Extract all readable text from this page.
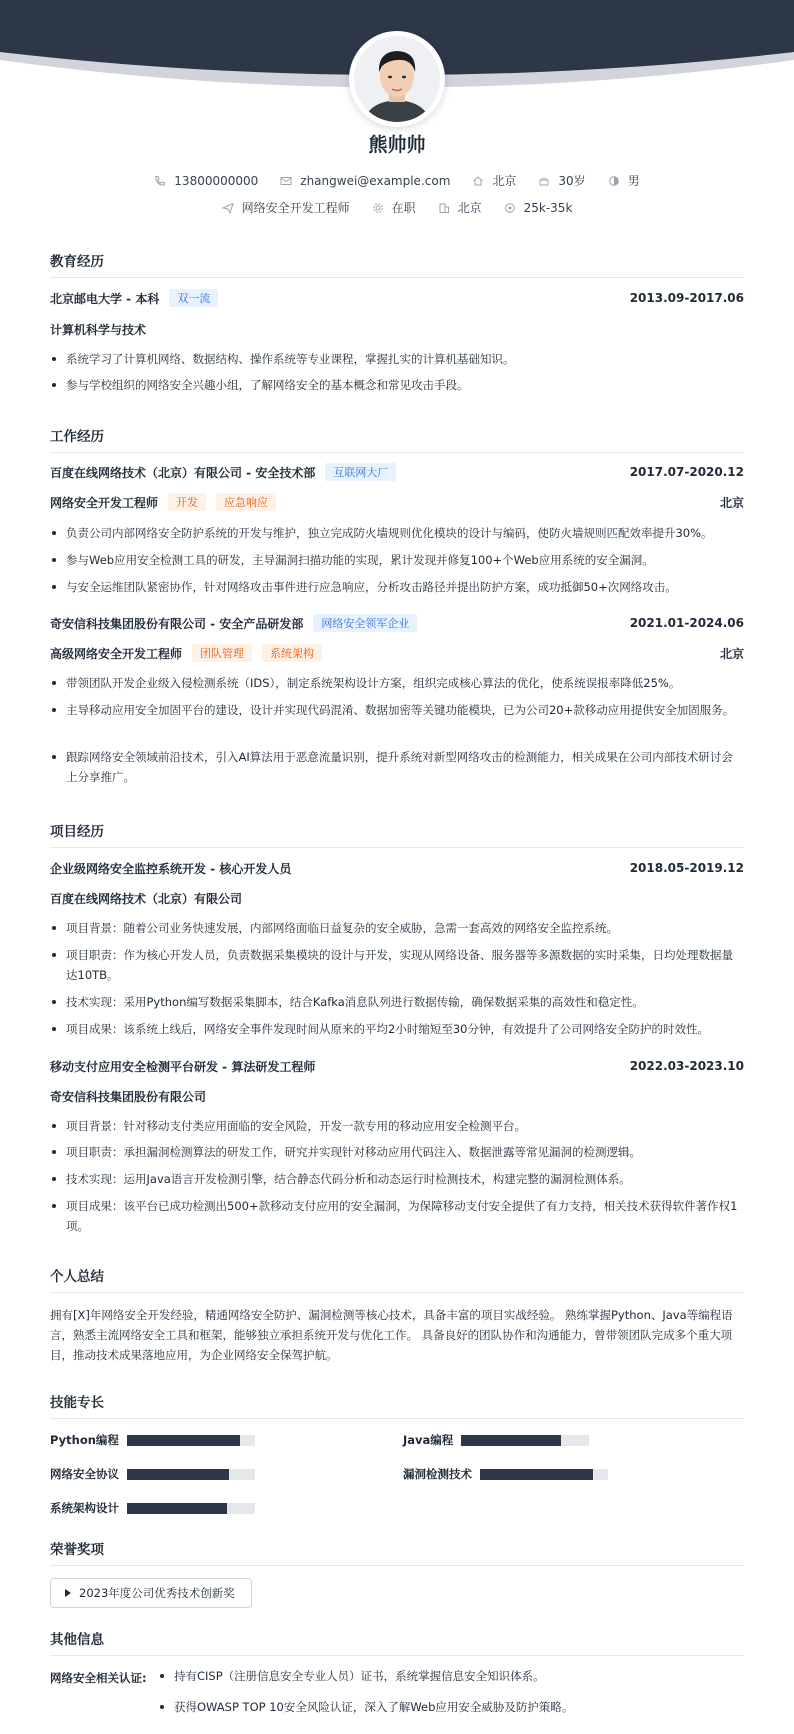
熊帅帅
13800000000	zhangwei@example.com	北京	30岁	男
网络安全开发工程师	在职	北京	25k-35k
教育经历
北京邮电大学 - 本科	双一流	2013.09-2017.06
计算机科学与技术
系统学习了计算机网络、数据结构、操作系统等专业课程，掌握扎实的计算机基础知识。
参与学校组织的网络安全兴趣小组，了解网络安全的基本概念和常见攻击手段。
工作经历
百度在线网络技术（北京）有限公司 - 安全技术部	互联网大厂	2017.07-2020.12
网络安全开发工程师	开发	应急响应	北京
负责公司内部网络安全防护系统的开发与维护，独立完成防火墙规则优化模块的设计与编码，使防火墙规则匹配效率提升30%。
参与Web应用安全检测工具的研发，主导漏洞扫描功能的实现，累计发现并修复100+个Web应用系统的安全漏洞。
与安全运维团队紧密协作，针对网络攻击事件进行应急响应，分析攻击路径并提出防护方案，成功抵御50+次网络攻击。
奇安信科技集团股份有限公司 - 安全产品研发部	网络安全领军企业	2021.01-2024.06
高级网络安全开发工程师	团队管理	系统架构	北京
带领团队开发企业级入侵检测系统（IDS），制定系统架构设计方案，组织完成核心算法的优化，使系统误报率降低25%。
主导移动应用安全加固平台的建设，设计并实现代码混淆、数据加密等关键功能模块，已为公司20+款移动应用提供安全加固服务。
跟踪网络安全领域前沿技术，引入AI算法用于恶意流量识别，提升系统对新型网络攻击的检测能力，相关成果在公司内部技术研讨会上分享推广。
项目经历
企业级网络安全监控系统开发 - 核心开发人员	2018.05-2019.12
百度在线网络技术（北京）有限公司
项目背景：随着公司业务快速发展，内部网络面临日益复杂的安全威胁，急需一套高效的网络安全监控系统。
项目职责：作为核心开发人员，负责数据采集模块的设计与开发，实现从网络设备、服务器等多源数据的实时采集，日均处理数据量达10TB。
技术实现：采用Python编写数据采集脚本，结合Kafka消息队列进行数据传输，确保数据采集的高效性和稳定性。
项目成果：该系统上线后，网络安全事件发现时间从原来的平均2小时缩短至30分钟，有效提升了公司网络安全防护的时效性。
移动支付应用安全检测平台研发 - 算法研发工程师	2022.03-2023.10
奇安信科技集团股份有限公司
项目背景：针对移动支付类应用面临的安全风险，开发一款专用的移动应用安全检测平台。
项目职责：承担漏洞检测算法的研发工作，研究并实现针对移动应用代码注入、数据泄露等常见漏洞的检测逻辑。
技术实现：运用Java语言开发检测引擎，结合静态代码分析和动态运行时检测技术，构建完整的漏洞检测体系。
项目成果：该平台已成功检测出500+款移动支付应用的安全漏洞，为保障移动支付安全提供了有力支持，相关技术获得软件著作权1项。
个人总结
拥有[X]年网络安全开发经验，精通网络安全防护、漏洞检测等核心技术，具备丰富的项目实战经验。 熟练掌握Python、Java等编程语言，熟悉主流网络安全工具和框架，能够独立承担系统开发与优化工作。 具备良好的团队协作和沟通能力，曾带领团队完成多个重大项目，推动技术成果落地应用，为企业网络安全保驾护航。
技能专长
Python编程	Java编程
网络安全协议	漏洞检测技术
系统架构设计
荣誉奖项
2023年度公司优秀技术创新奖
其他信息
网络安全相关认证:	持有CISP（注册信息安全专业人员）证书，系统掌握信息安全知识体系。
获得OWASP TOP 10安全风险认证，深入了解Web应用安全威胁及防护策略。
